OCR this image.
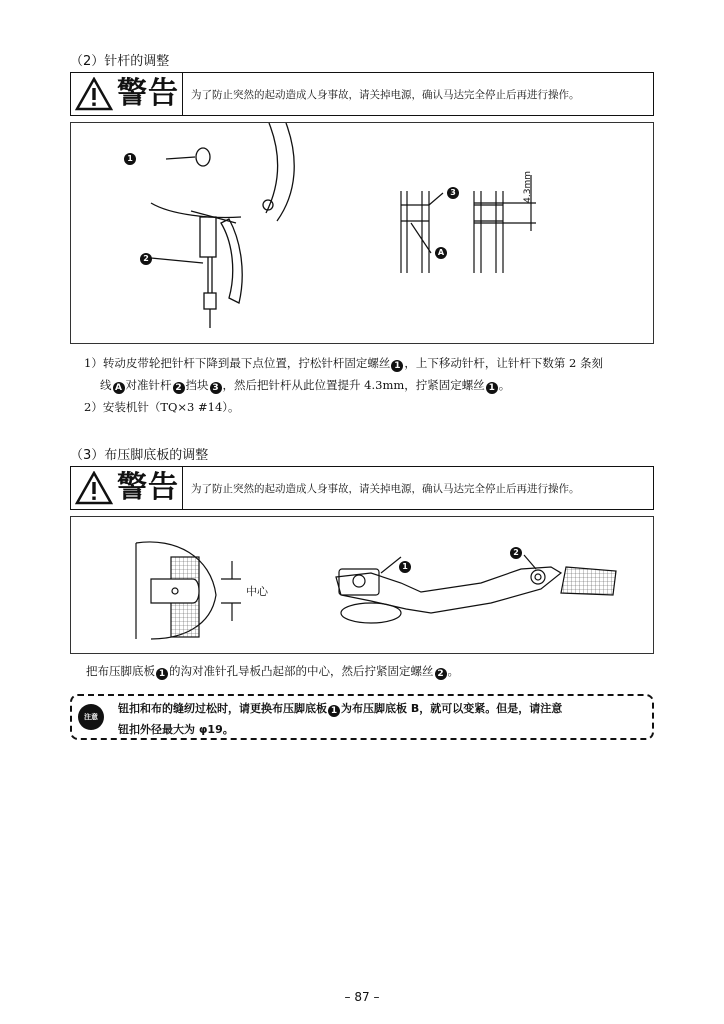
（2）针杆的调整
警告	为了防止突然的起动造成人身事故，请关掉电源，确认马达完全停止后再进行操作。
1
2
3
A
4.3mm
1）转动皮带轮把针杆下降到最下点位置，拧松针杆固定螺丝 1 ，上下移动针杆，让针杆下数第 2 条刻
线 A 对准针杆 2 挡块 3 ，然后把针杆从此位置提升 4.3mm，拧紧固定螺丝 1 。
2）安装机针（TQ×3 #14）。
（3）布压脚底板的调整
警告	为了防止突然的起动造成人身事故，请关掉电源，确认马达完全停止后再进行操作。
中心
1
2
把布压脚底板 1 的沟对准针孔导板凸起部的中心，然后拧紧固定螺丝 2 。
注意
钮扣和布的缝纫过松时，请更换布压脚底板 1 为布压脚底板 B，就可以变紧。但是，请注意
钮扣外径最大为 φ19。
– 87 –
